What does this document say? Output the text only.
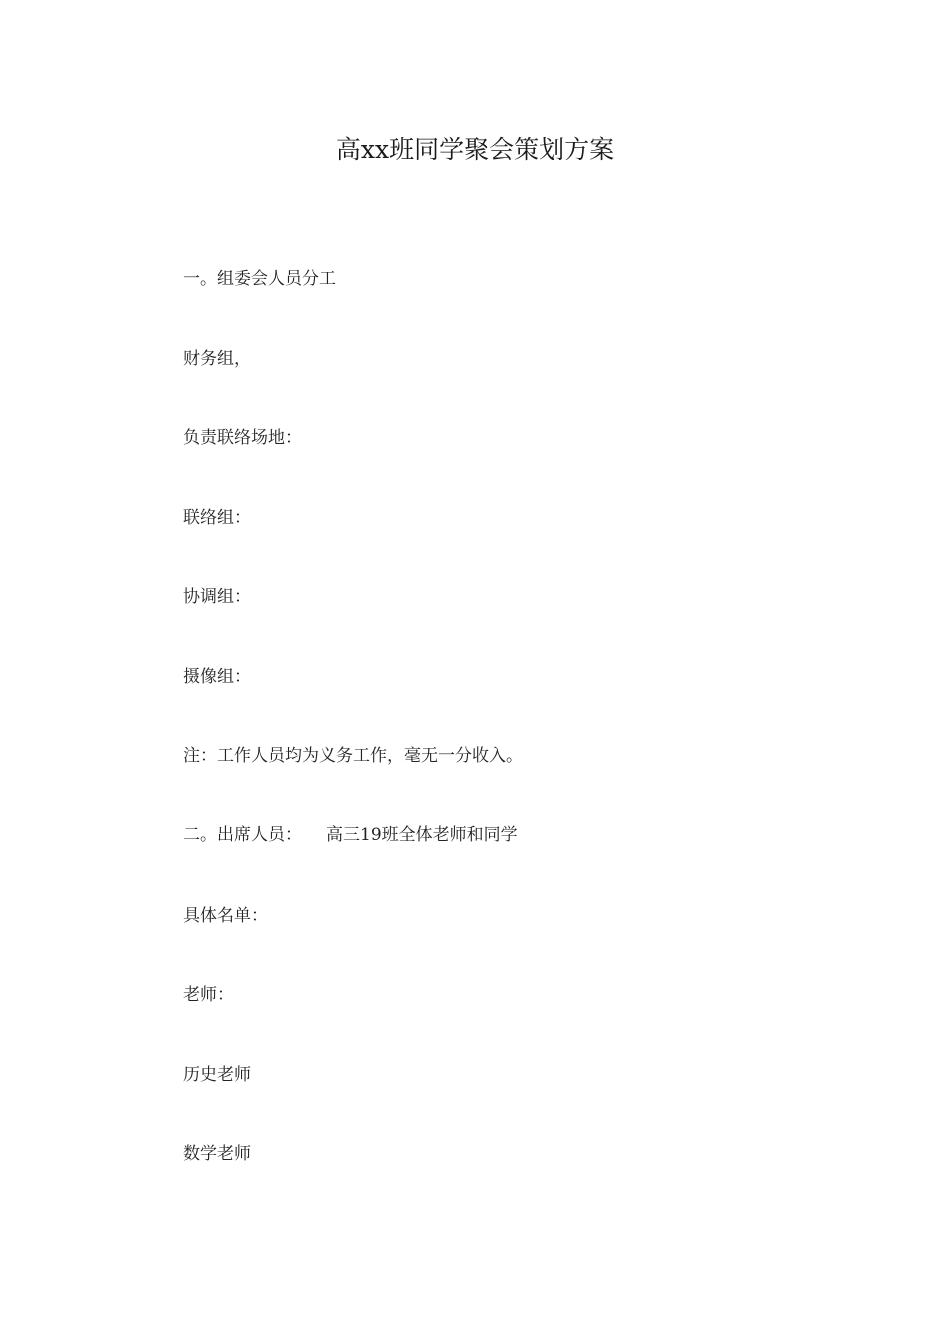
高xx班同学聚会策划方案
一。组委会人员分工
财务组，
负责联络场地：
联络组：
协调组：
摄像组：
注：工作人员均为义务工作，毫无一分收入。
二。出席人员： 高三19班全体老师和同学
具体名单：
老师：
历史老师
数学老师
